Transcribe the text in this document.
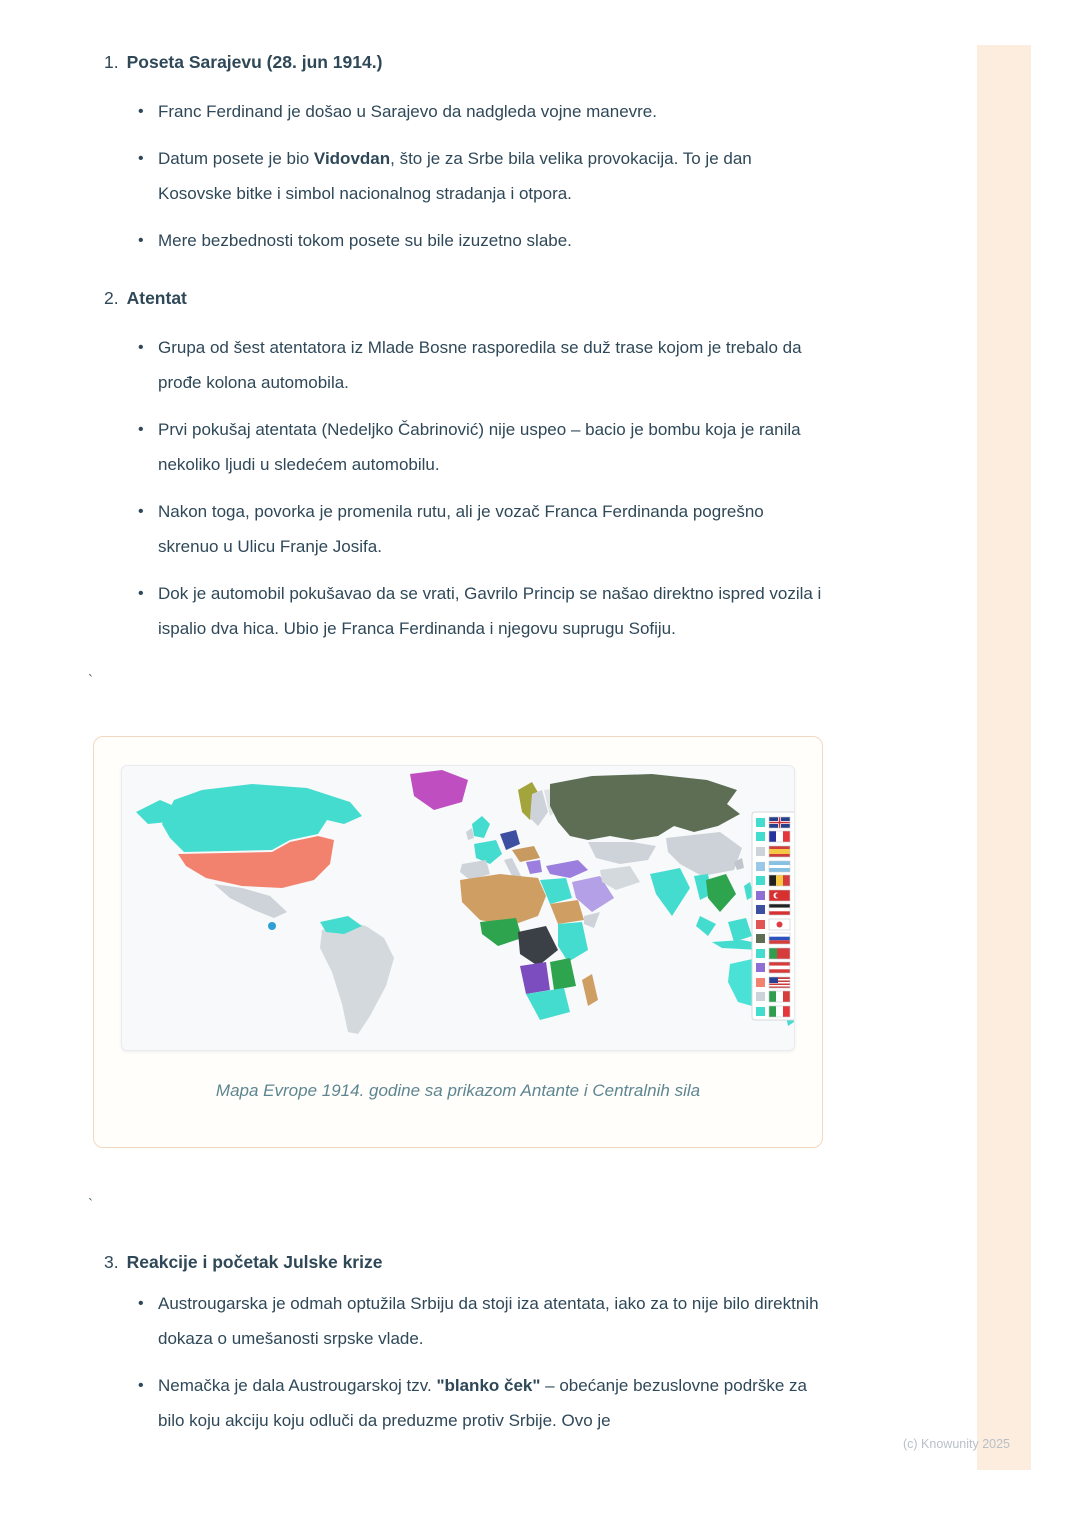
1. Poseta Sarajevu (28. jun 1914.)
• Franc Ferdinand je došao u Sarajevo da nadgleda vojne manevre.
• Datum posete je bio Vidovdan, što je za Srbe bila velika provokacija. To je dan Kosovske bitke i simbol nacionalnog stradanja i otpora.
• Mere bezbednosti tokom posete su bile izuzetno slabe.
2. Atentat
• Grupa od šest atentatora iz Mlade Bosne rasporedila se duž trase kojom je trebalo da prođe kolona automobila.
• Prvi pokušaj atentata (Nedeljko Čabrinović) nije uspeo – bacio je bombu koja je ranila nekoliko ljudi u sledećem automobilu.
• Nakon toga, povorka je promenila rutu, ali je vozač Franca Ferdinanda pogrešno skrenuo u Ulicu Franje Josifa.
• Dok je automobil pokušavao da se vrati, Gavrilo Princip se našao direktno ispred vozila i ispalio dva hica. Ubio je Franca Ferdinanda i njegovu suprugu Sofiju.
`
Mapa Evrope 1914. godine sa prikazom Antante i Centralnih sila
`
3. Reakcije i početak Julske krize
• Austrougarska je odmah optužila Srbiju da stoji iza atentata, iako za to nije bilo direktnih dokaza o umešanosti srpske vlade.
• Nemačka je dala Austrougarskoj tzv. "blanko ček" – obećanje bezuslovne podrške za bilo koju akciju koju odluči da preduzme protiv Srbije. Ovo je
(c) Knowunity 2025
